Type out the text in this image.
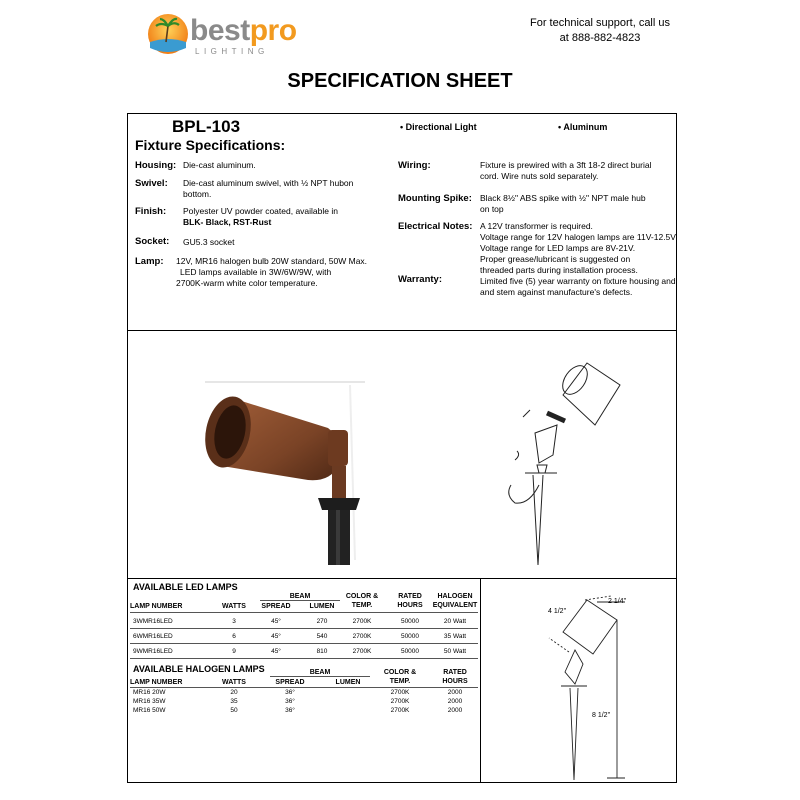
bestpro
LIGHTING
For technical support, call us
at 888-882-4823
SPECIFICATION SHEET
BPL-103	• Directional Light	• Aluminum
Fixture Specifications:
Housing: Die-cast aluminum.
Swivel: Die-cast aluminum swivel, with ½ NPT hubon bottom.
Finish: Polyester UV powder coated, available in
BLK- Black, RST-Rust
Socket: GU5.3 socket
Lamp: 12V, MR16 halogen bulb 20W standard, 50W Max.
LED lamps available in 3W/6W/9W, with
2700K-warm white color temperature.
Wiring:	Fixture is prewired with a 3ft 18-2 direct burial
cord. Wire nuts sold separately.
Mounting Spike: Black 8½" ABS spike with ½" NPT male hub
on top
Electrical Notes: A 12V transformer is required.
Voltage range for 12V halogen lamps are 11V-12.5V
Voltage range for LED lamps are 8V-21V.
Proper grease/lubricant is suggested on
threaded parts during installation process.
Warranty:	Limited five (5) year warranty on fixture housing and
and stem against manufacture's defects.
AVAILABLE LED LAMPS
BEAM	COLOR &
TEMP.
RATED
HOURS
HALOGEN
EQUIVALENT
LAMP NUMBER	WATTS	SPREAD	LUMEN
3WMR16LED	3	45°	270	2700K	50000	20 Watt
6WMR16LED	6	45°	540	2700K	50000	35 Watt
9WMR16LED	9	45°	810	2700K	50000	50 Watt
AVAILABLE HALOGEN LAMPS	BEAM	COLOR &
TEMP.
RATED
HOURS
LAMP NUMBER	WATTS	SPREAD	LUMEN
MR16 20W	20	36°	2700K	2000
MR16 35W	35	36°	2700K	2000
MR16 50W	50	36°	2700K	2000
2 1/4"
4 1/2"
8 1/2"
